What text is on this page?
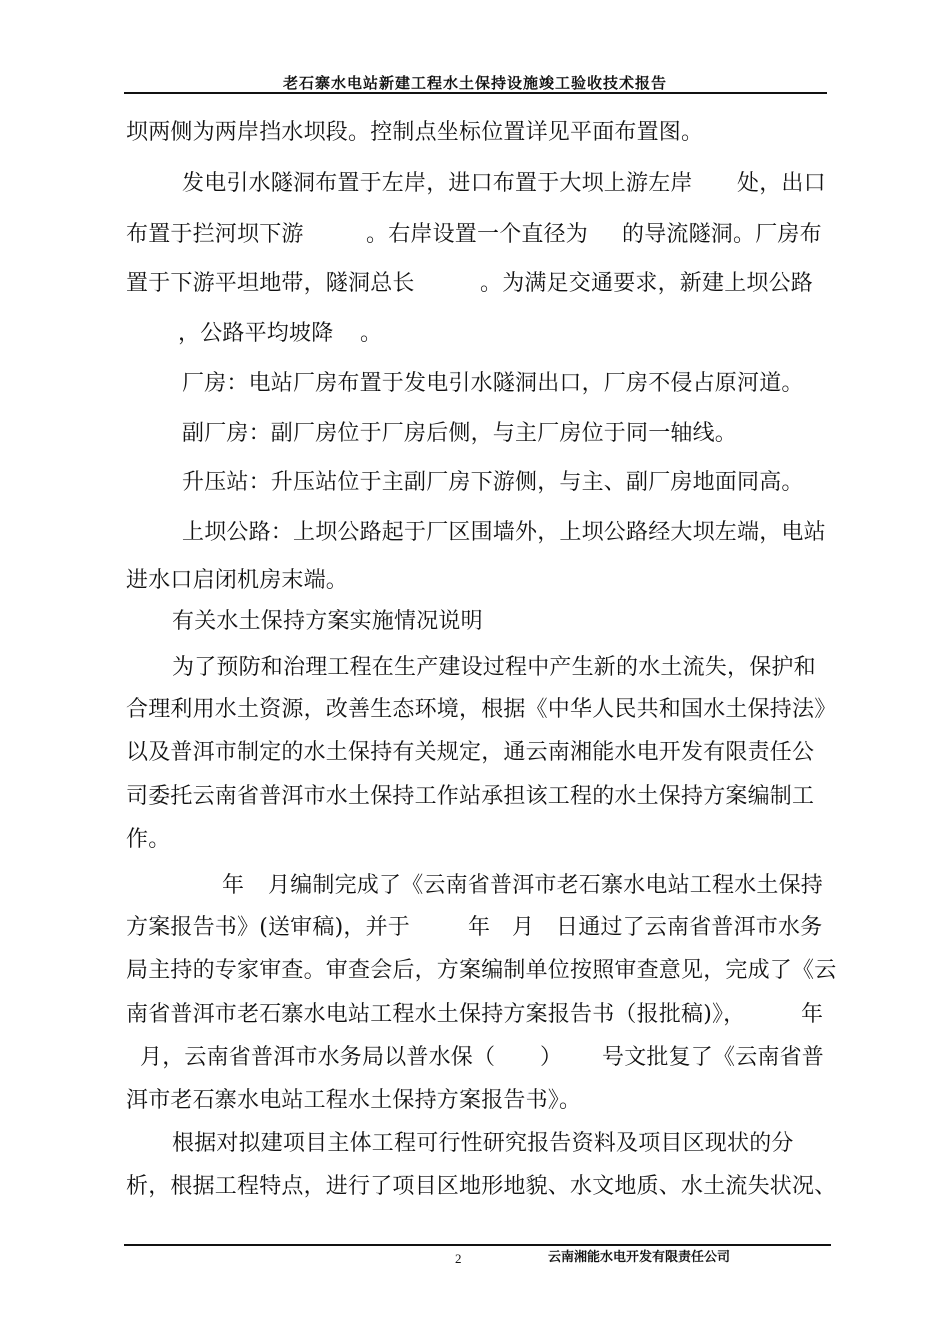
老石寨水电站新建工程水土保持设施竣工验收技术报告
坝两侧为两岸挡水坝段。控制点坐标位置详见平面布置图。
发电引水隧洞布置于左岸，进口布置于大坝上游左岸 处，出口
布置于拦河坝下游	。右岸设置一个直径为 的导流隧洞。厂房布
置于下游平坦地带，隧洞总长	。为满足交通要求，新建上坝公路
，公路平均坡降 。
厂房：电站厂房布置于发电引水隧洞出口，厂房不侵占原河道。
副厂房：副厂房位于厂房后侧，与主厂房位于同一轴线。
升压站：升压站位于主副厂房下游侧，与主、副厂房地面同高。
上坝公路：上坝公路起于厂区围墙外，上坝公路经大坝左端，电站
进水口启闭机房末端。
有关水土保持方案实施情况说明
为了预防和治理工程在生产建设过程中产生新的水土流失，保护和
合理利用水土资源，改善生态环境，根据《中华人民共和国水土保持法》
以及普洱市制定的水土保持有关规定，通云南湘能水电开发有限责任公
司委托云南省普洱市水土保持工作站承担该工程的水土保持方案编制工
作。
年 月编制完成了《云南省普洱市老石寨水电站工程水土保持
方案报告书》(送审稿)，并于	年 月 日通过了云南省普洱市水务
局主持的专家审查。审查会后，方案编制单位按照审查意见，完成了《云
南省普洱市老石寨水电站工程水土保持方案报告书（报批稿)》，	年
月，云南省普洱市水务局以普水保（ ） 号文批复了《云南省普
洱市老石寨水电站工程水土保持方案报告书》。
根据对拟建项目主体工程可行性研究报告资料及项目区现状的分
析，根据工程特点，进行了项目区地形地貌、水文地质、水土流失状况、
2	云南湘能水电开发有限责任公司
